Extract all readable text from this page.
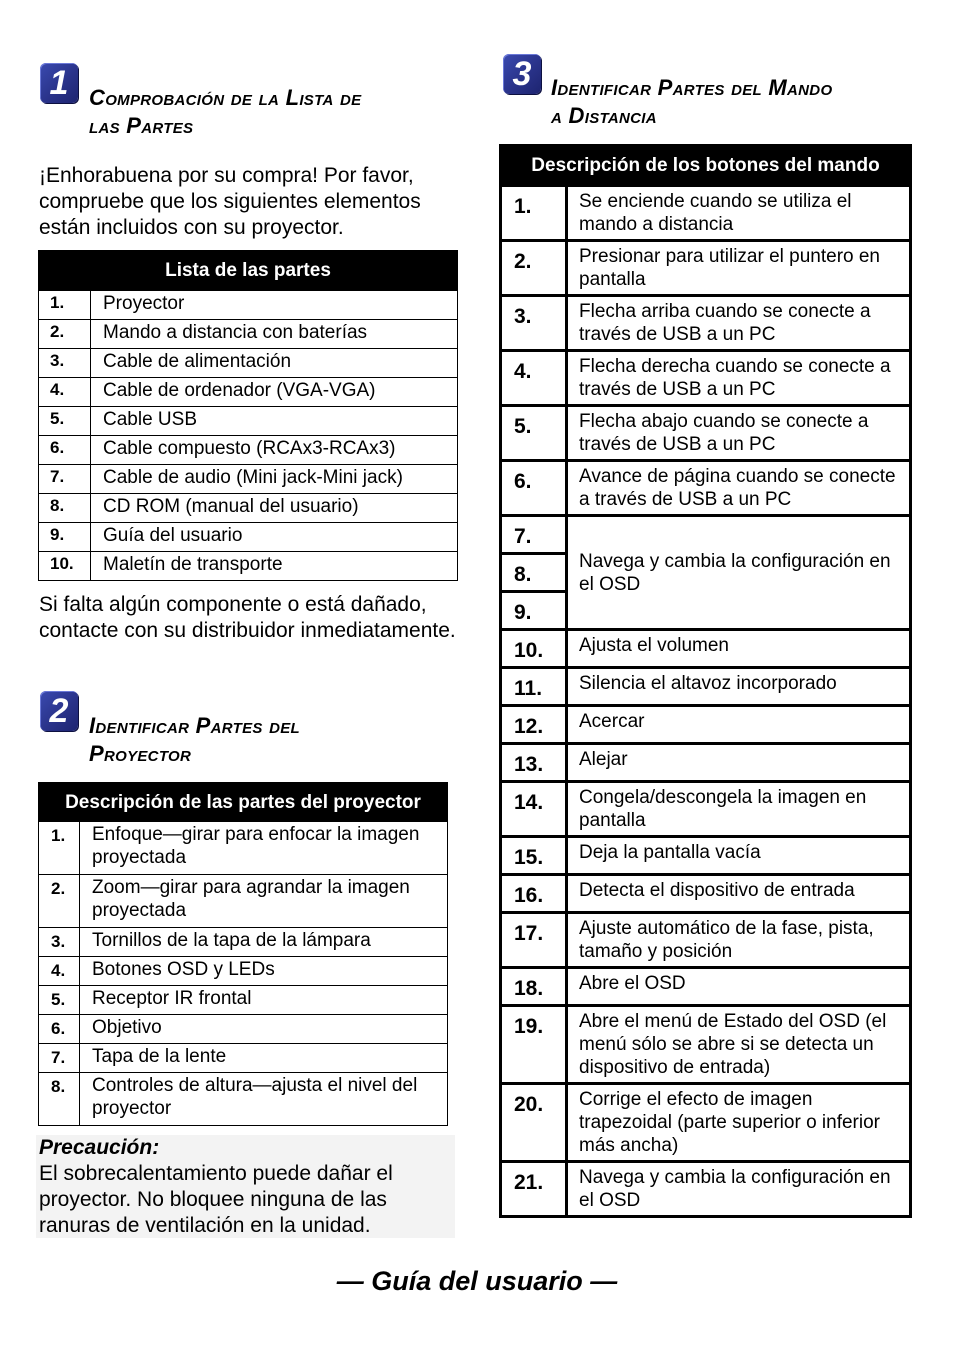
1 Comprobación de la Lista de
las Partes

¡Enhorabuena por su compra! Por favor, compruebe que los siguientes elementos están incluidos con su proyector.

Lista de las partes	
1.	Proyector
2.	Mando a distancia con baterías
3.	Cable de alimentación
4.	Cable de ordenador (VGA-VGA)
5.	Cable USB
6.	Cable compuesto (RCAx3-RCAx3)
7.	Cable de audio (Mini jack-Mini jack)
8.	CD ROM (manual del usuario)
9.	Guía del usuario
10.	Maletín de transporte

Si falta algún componente o está dañado, contacte con su distribuidor inmediatamente.

2 Identificar Partes del
Proyector
Descripción de las partes del proyector	
1.	Enfoque—girar para enfocar la imagen proyectada
2.	Zoom—girar para agrandar la imagen proyectada
3.	Tornillos de la tapa de la lámpara
4.	Botones OSD y LEDs
5.	Receptor IR frontal
6.	Objetivo
7.	Tapa de la lente
8.	Controles de altura—ajusta el nivel del proyector
Precaución:
El sobrecalentamiento puede dañar el proyector. No bloquee ninguna de las ranuras de ventilación en la unidad.
3 Identificar Partes del Mando
a Distancia
Descripción de los botones del mando	
1.	Se enciende cuando se utiliza el mando a distancia
2.	Presionar para utilizar el puntero en pantalla
3.	Flecha arriba cuando se conecte a través de USB a un PC
4.	Flecha derecha cuando se conecte a través de USB a un PC
5.	Flecha abajo cuando se conecte a través de USB a un PC
6.	Avance de página cuando se conecte a través de USB a un PC
7.	Navega y cambia la configuración en el OSD
8.	
9.	
10.	Ajusta el volumen
11.	Silencia el altavoz incorporado
12.	Acercar
13.	Alejar
14.	Congela/descongela la imagen en pantalla
15.	Deja la pantalla vacía
16.	Detecta el dispositivo de entrada
17.	Ajuste automático de la fase, pista, tamaño y posición
18.	Abre el OSD
19.	Abre el menú de Estado del OSD (el menú sólo se abre si se detecta un dispositivo de entrada)
20.	Corrige el efecto de imagen trapezoidal (parte superior o inferior más ancha)
21.	Navega y cambia la configuración en el OSD
— Guía del usuario —
